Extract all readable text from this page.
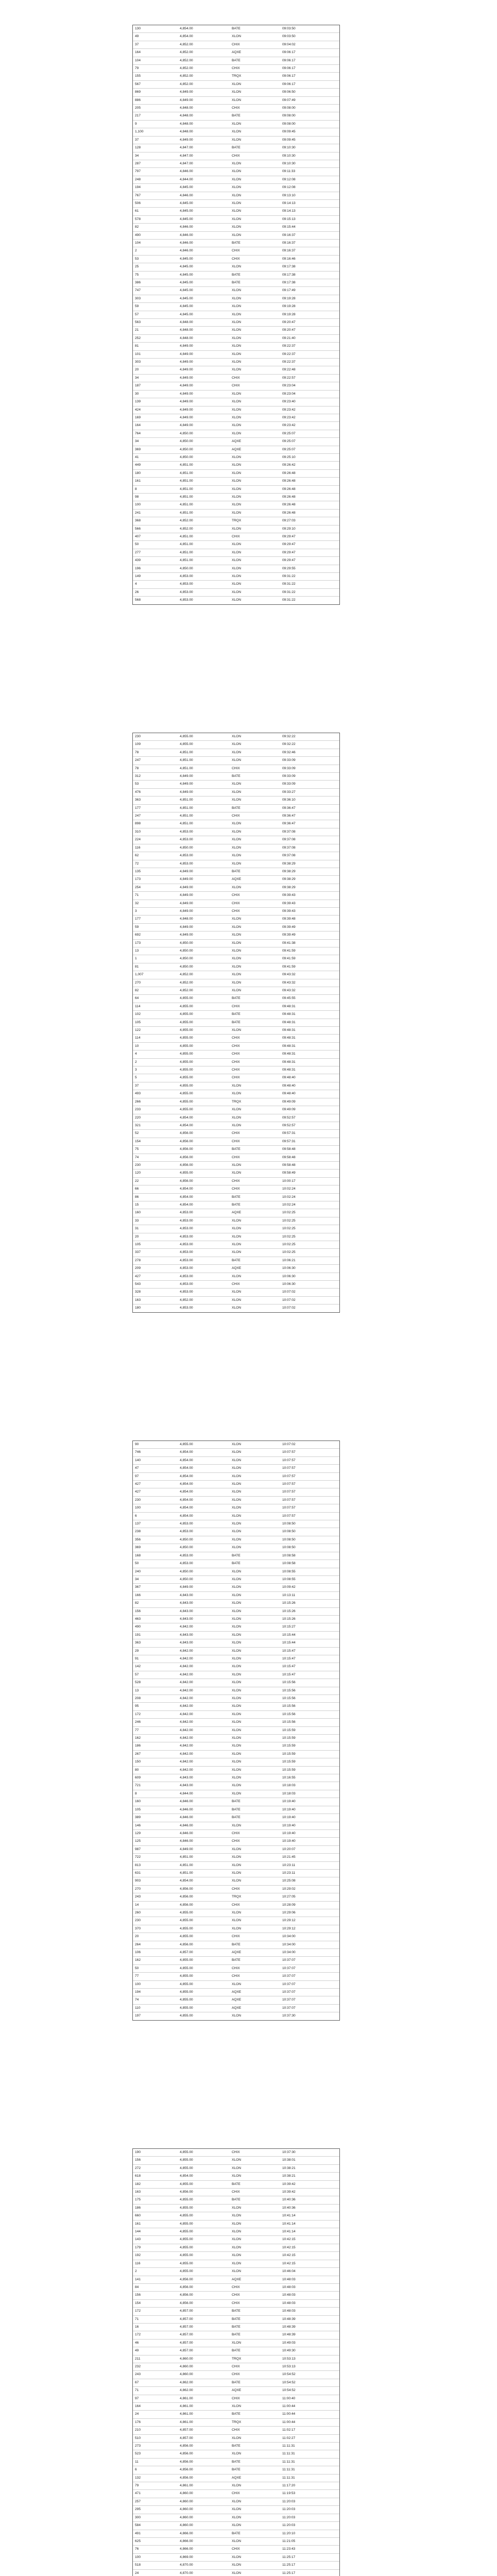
130	4,854.00	BATE	09:03:50
49	4,854.00	XLON	09:03:50
37	4,852.00	CHIX	09:04:02
164	4,852.00	AQXE	09:06:17
104	4,852.00	BATE	09:06:17
79	4,852.00	CHIX	09:06:17
155	4,852.00	TRQX	09:06:17
567	4,852.00	XLON	09:06:17
869	4,849.00	XLON	09:06:50
886	4,849.00	XLON	09:07:49
205	4,848.00	CHIX	09:08:00
217	4,848.00	BATE	09:08:00
9	4,848.00	XLON	09:08:00
1,100	4,848.00	XLON	09:09:45
37	4,849.00	XLON	09:09:45
128	4,847.00	BATE	09:10:30
34	4,847.00	CHIX	09:10:30
287	4,847.00	XLON	09:10:30
797	4,846.00	XLON	09:11:33
248	4,844.00	XLON	09:12:08
194	4,845.00	XLON	09:12:08
767	4,846.00	XLON	09:13:10
506	4,845.00	XLON	09:14:13
61	4,845.00	XLON	09:14:13
578	4,845.00	XLON	09:15:13
82	4,846.00	XLON	09:15:44
490	4,846.00	XLON	09:16:37
104	4,846.00	BATE	09:16:37
2	4,846.00	CHIX	09:16:37
53	4,845.00	CHIX	09:16:46
25	4,845.00	XLON	09:17:38
75	4,845.00	BATE	09:17:38
386	4,845.00	BATE	09:17:38
747	4,845.00	XLON	09:17:49
303	4,845.00	XLON	09:19:28
59	4,845.00	XLON	09:19:28
57	4,845.00	XLON	09:19:28
563	4,848.00	XLON	09:20:47
21	4,848.00	XLON	09:20:47
252	4,848.00	XLON	09:21:40
81	4,849.00	XLON	09:22:37
101	4,849.00	XLON	09:22:37
303	4,849.00	XLON	09:22:37
20	4,849.00	XLON	09:22:48
34	4,849.00	CHIX	09:22:57
187	4,849.00	CHIX	09:23:04
30	4,849.00	XLON	09:23:04
139	4,849.00	XLON	09:23:40
424	4,849.00	XLON	09:23:42
169	4,849.00	XLON	09:23:42
164	4,849.00	XLON	09:23:42
764	4,850.00	XLON	09:25:07
34	4,850.00	AQXE	09:25:07
369	4,850.00	AQXE	09:25:07
41	4,850.00	XLON	09:25:10
449	4,851.00	XLON	09:26:42
180	4,851.00	XLON	09:26:48
161	4,851.00	XLON	09:26:48
8	4,851.00	XLON	09:26:48
98	4,851.00	XLON	09:26:48
100	4,851.00	XLON	09:26:48
241	4,851.00	XLON	09:26:48
368	4,852.00	TRQX	09:27:03
566	4,852.00	XLON	09:29:10
407	4,851.00	CHIX	09:29:47
50	4,851.00	XLON	09:29:47
277	4,851.00	XLON	09:29:47
439	4,851.00	XLON	09:29:47
196	4,850.00	XLON	09:29:55
149	4,853.00	XLON	09:31:22
4	4,853.00	XLON	09:31:22
26	4,853.00	XLON	09:31:22
568	4,853.00	XLON	09:31:22
230	4,855.00	XLON	09:32:22
109	4,855.00	XLON	09:32:22
78	4,851.00	XLON	09:32:46
247	4,851.00	XLON	09:33:09
78	4,851.00	CHIX	09:33:09
312	4,849.00	BATE	09:33:09
53	4,849.00	XLON	09:33:09
476	4,849.00	XLON	09:33:27
363	4,851.00	XLON	09:36:10
177	4,851.00	BATE	09:36:47
247	4,851.00	CHIX	09:36:47
898	4,851.00	XLON	09:36:47
310	4,853.00	XLON	09:37:08
224	4,853.00	XLON	09:37:08
116	4,850.00	XLON	09:37:08
62	4,853.00	XLON	09:37:08
72	4,853.00	XLON	09:38:29
135	4,849.00	BATE	09:38:29
173	4,849.00	AQXE	09:38:29
254	4,849.00	XLON	09:38:29
71	4,849.00	CHIX	09:39:43
32	4,849.00	CHIX	09:39:43
3	4,849.00	CHIX	09:39:43
177	4,848.00	XLON	09:39:48
59	4,849.00	XLON	09:39:49
692	4,849.00	XLON	09:39:49
173	4,850.00	XLON	09:41:38
13	4,850.00	XLON	09:41:59
1	4,850.00	XLON	09:41:59
81	4,850.00	XLON	09:41:59
1,007	4,852.00	XLON	09:43:32
270	4,852.00	XLON	09:43:32
82	4,852.00	XLON	09:43:32
64	4,855.00	BATE	09:45:55
114	4,855.00	CHIX	09:48:31
102	4,855.00	BATE	09:48:31
105	4,855.00	BATE	09:48:31
122	4,855.00	XLON	09:48:31
114	4,855.00	CHIX	09:48:31
10	4,855.00	CHIX	09:48:31
4	4,855.00	CHIX	09:48:31
2	4,855.00	CHIX	09:48:31
3	4,855.00	CHIX	09:48:31
5	4,855.00	CHIX	09:48:40
37	4,855.00	XLON	09:48:40
493	4,855.00	XLON	09:48:40
266	4,855.00	TRQX	09:49:09
233	4,855.00	XLON	09:49:09
220	4,854.00	XLON	09:52:57
321	4,854.00	XLON	09:52:57
52	4,856.00	CHIX	09:57:31
154	4,856.00	CHIX	09:57:31
75	4,856.00	BATE	09:58:48
74	4,856.00	CHIX	09:58:48
230	4,856.00	XLON	09:58:48
120	4,855.00	XLON	09:58:49
22	4,856.00	CHIX	10:00:17
66	4,854.00	CHIX	10:02:24
86	4,854.00	BATE	10:02:24
15	4,854.00	BATE	10:02:24
160	4,853.00	AQXE	10:02:25
33	4,853.00	XLON	10:02:25
31	4,853.00	XLON	10:02:25
20	4,853.00	XLON	10:02:25
105	4,853.00	XLON	10:02:25
337	4,853.00	XLON	10:02:25
278	4,853.00	BATE	10:06:21
209	4,853.00	AQXE	10:06:30
427	4,853.00	XLON	10:06:30
543	4,853.00	CHIX	10:06:30
328	4,853.00	XLON	10:07:02
163	4,852.00	XLON	10:07:02
180	4,853.00	XLON	10:07:02
90	4,855.00	XLON	10:07:02
746	4,854.00	XLON	10:07:57
140	4,854.00	XLON	10:07:57
47	4,854.00	XLON	10:07:57
97	4,854.00	XLON	10:07:57
427	4,854.00	XLON	10:07:57
427	4,854.00	XLON	10:07:57
230	4,854.00	XLON	10:07:57
100	4,854.00	XLON	10:07:57
6	4,854.00	XLON	10:07:57
137	4,853.00	XLON	10:08:50
238	4,853.00	XLON	10:08:50
356	4,850.00	XLON	10:08:50
369	4,850.00	XLON	10:08:50
168	4,853.00	BATE	10:08:58
50	4,853.00	BATE	10:08:58
240	4,850.00	XLON	10:08:55
34	4,850.00	XLON	10:08:55
367	4,849.00	XLON	10:09:42
166	4,843.00	XLON	10:13:11
82	4,843.00	XLON	10:15:26
156	4,843.00	XLON	10:15:26
463	4,843.00	XLON	10:15:26
490	4,842.00	XLON	10:15:27
191	4,843.00	XLON	10:15:44
363	4,843.00	XLON	10:15:44
29	4,842.00	XLON	10:15:47
91	4,842.00	XLON	10:15:47
142	4,842.00	XLON	10:15:47
57	4,842.00	XLON	10:15:47
528	4,842.00	XLON	10:15:56
13	4,842.00	XLON	10:15:56
208	4,842.00	XLON	10:15:56
95	4,842.00	XLON	10:15:56
172	4,842.00	XLON	10:15:56
246	4,842.00	XLON	10:15:56
77	4,842.00	XLON	10:15:59
162	4,842.00	XLON	10:15:59
186	4,842.00	XLON	10:15:59
267	4,842.00	XLON	10:15:59
150	4,842.00	XLON	10:15:59
80	4,842.00	XLON	10:15:59
609	4,843.00	XLON	10:16:55
721	4,843.00	XLON	10:18:03
8	4,844.00	XLON	10:18:03
160	4,846.00	BATE	10:19:40
105	4,846.00	BATE	10:19:40
389	4,846.00	BATE	10:19:40
146	4,846.00	XLON	10:19:40
129	4,846.00	CHIX	10:19:40
125	4,846.00	CHIX	10:19:40
987	4,849.00	XLON	10:20:07
722	4,851.00	XLON	10:21:45
813	4,851.00	XLON	10:23:11
631	4,851.00	XLON	10:23:11
903	4,854.00	XLON	10:25:08
270	4,856.00	CHIX	10:29:02
243	4,856.00	TRQX	10:27:05
14	4,856.00	CHIX	10:28:09
260	4,855.00	XLON	10:29:06
230	4,855.00	XLON	10:29:12
370	4,855.00	XLON	10:29:12
20	4,855.00	CHIX	10:34:00
264	4,856.00	BATE	10:34:00
106	4,857.00	AQXE	10:34:00
162	4,855.00	BATE	10:37:07
50	4,855.00	CHIX	10:37:07
77	4,855.00	CHIX	10:37:07
100	4,855.00	XLON	10:37:07
194	4,855.00	AQXE	10:37:07
74	4,855.00	AQXE	10:37:07
110	4,855.00	AQXE	10:37:07
197	4,855.00	XLON	10:37:30
190	4,855.00	CHIX	10:37:30
156	4,855.00	XLON	10:38:01
272	4,855.00	XLON	10:38:21
618	4,854.00	XLON	10:38:21
182	4,855.00	BATE	10:39:42
163	4,856.00	CHIX	10:39:42
175	4,855.00	BATE	10:40:36
186	4,855.00	XLON	10:40:36
660	4,855.00	XLON	10:41:14
161	4,855.00	XLON	10:41:14
144	4,855.00	XLON	10:41:14
143	4,855.00	XLON	10:42:15
179	4,855.00	XLON	10:42:15
192	4,855.00	XLON	10:42:15
116	4,855.00	XLON	10:42:15
2	4,855.00	XLON	10:46:04
141	4,856.00	AQXE	10:48:03
84	4,856.00	CHIX	10:48:03
156	4,856.00	CHIX	10:48:03
154	4,856.00	CHIX	10:48:03
172	4,857.00	BATE	10:48:03
71	4,857.00	BATE	10:48:39
16	4,857.00	BATE	10:48:39
172	4,857.00	BATE	10:48:39
46	4,857.00	XLON	10:49:03
49	4,857.00	BATE	10:49:30
211	4,860.00	TRQX	10:53:13
232	4,860.00	CHIX	10:53:13
243	4,860.00	CHIX	10:54:52
67	4,862.00	BATE	10:54:52
71	4,862.00	AQXE	10:54:52
97	4,861.00	CHIX	11:00:40
164	4,861.00	XLON	11:00:44
24	4,861.00	BATE	11:00:44
176	4,861.00	TRQX	11:00:44
210	4,857.00	CHIX	11:02:17
510	4,857.00	XLON	11:02:27
273	4,856.00	BATE	11:11:31
523	4,856.00	XLON	11:11:31
11	4,856.00	BATE	11:11:31
6	4,856.00	BATE	11:11:31
132	4,856.00	AQXE	11:11:31
79	4,861.00	XLON	11:17:20
471	4,860.00	CHIX	11:19:53
257	4,860.00	XLON	11:20:03
295	4,860.00	XLON	11:20:03
300	4,860.00	XLON	11:20:03
584	4,860.00	XLON	11:20:03
491	4,866.00	BATE	11:20:10
625	4,866.00	XLON	11:21:05
76	4,866.00	CHIX	11:23:43
100	4,869.00	XLON	11:25:17
518	4,870.00	XLON	11:25:17
24	4,870.00	XLON	11:25:17
